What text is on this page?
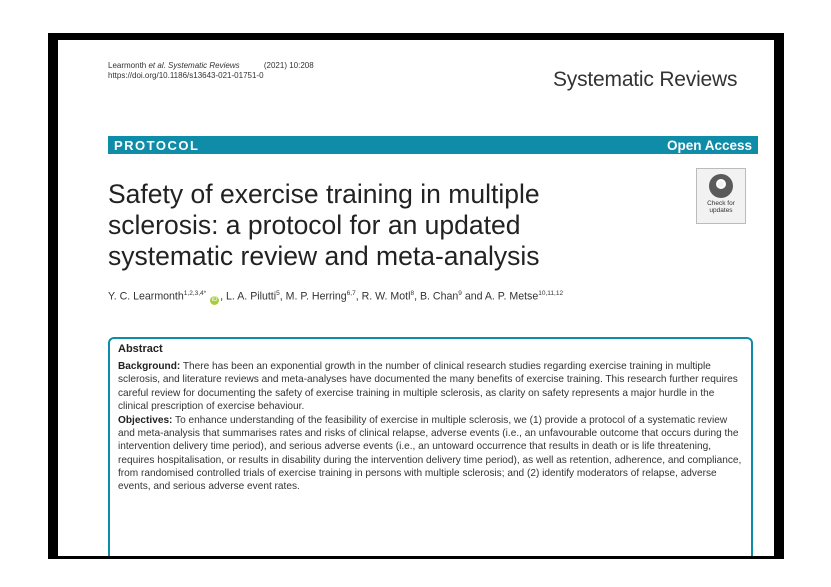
Learmonth et al. Systematic Reviews	(2021) 10:208
https://doi.org/10.1186/s13643-021-01751-0	Systematic Reviews
PROTOCOL	Open Access
Safety of exercise training in multiple
sclerosis: a protocol for an updated
systematic review and meta-analysis
Check for
updates
Y. C. Learmonth$^{1,2,3,4*}$ iD , L. A. Pilutti$^5$, M. P. Herring$^{6,7}$, R. W. Motl$^8$, B. Chan$^9$ and A. P. Metse$^{10,11,12}$
Abstract

Background: There has been an exponential growth in the number of clinical research studies regarding exercise training in multiple sclerosis, and literature reviews and meta-analyses have documented the many benefits of exercise training. This research further requires careful review for documenting the safety of exercise training in multiple sclerosis, as clarity on safety represents a major hurdle in the clinical prescription of exercise behaviour.

Objectives: To enhance understanding of the feasibility of exercise in multiple sclerosis, we (1) provide a protocol of a systematic review and meta-analysis that summarises rates and risks of clinical relapse, adverse events (i.e., an unfavourable outcome that occurs during the intervention delivery time period), and serious adverse events (i.e., an untoward occurrence that results in death or is life threatening, requires hospitalisation, or results in disability during the intervention delivery time period), as well as retention, adherence, and compliance, from randomised controlled trials of exercise training in persons with multiple sclerosis; and (2) identify moderators of relapse, adverse events, and serious adverse event rates.
